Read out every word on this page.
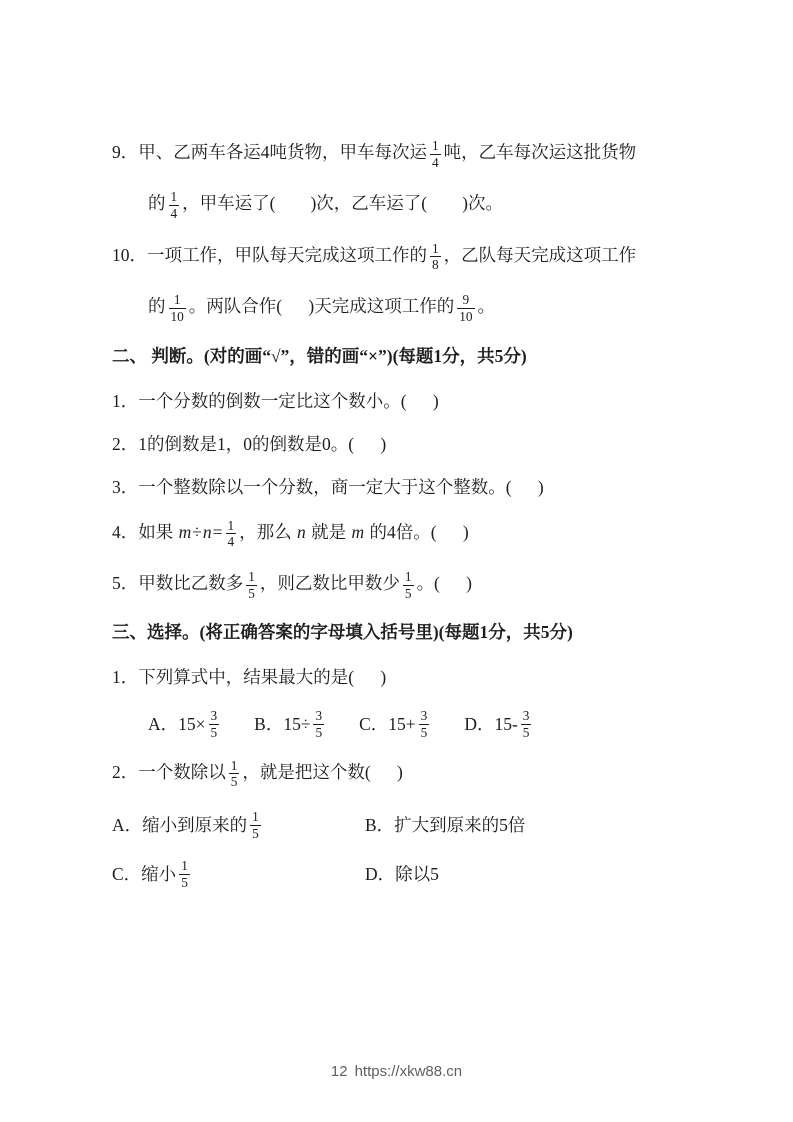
9．甲、乙两车各运4吨货物，甲车每次运 $\frac{1}{4}$ 吨，乙车每次运这批货物
的 $\frac{1}{4}$ ，甲车运了(        )次，乙车运了(        )次。
10．一项工作，甲队每天完成这项工作的 $\frac{1}{8}$ ，乙队每天完成这项工作
的 $\frac{1}{10}$ 。两队合作(      )天完成这项工作的 $\frac{9}{10}$ 。
二、 判断。(对的画“√”，错的画“×”)(每题1分，共5分)
1．一个分数的倒数一定比这个数小。(      )
2．1的倒数是1，0的倒数是0。(      )
3．一个整数除以一个分数，商一定大于这个整数。(      )
4．如果 $m\div n= \frac{1}{4}$ ，那么 n 就是 m 的4倍。(      )
5．甲数比乙数多 $\frac{1}{5}$ ，则乙数比甲数少 $\frac{1}{5}$ 。(      )
三、选择。(将正确答案的字母填入括号里)(每题1分，共5分)
1．下列算式中，结果最大的是(      )
A．$15\times \frac{3}{5}$ B．$15\div \frac{3}{5}$ C．$15+ \frac{3}{5}$ D．$15- \frac{3}{5}$
2．一个数除以 $\frac{1}{5}$ ，就是把这个数(      )
A．缩小到原来的 $\frac{1}{5}$	B．扩大到原来的5倍
C．缩小 $\frac{1}{5}$	D．除以5
12 https://xkw88.cn
